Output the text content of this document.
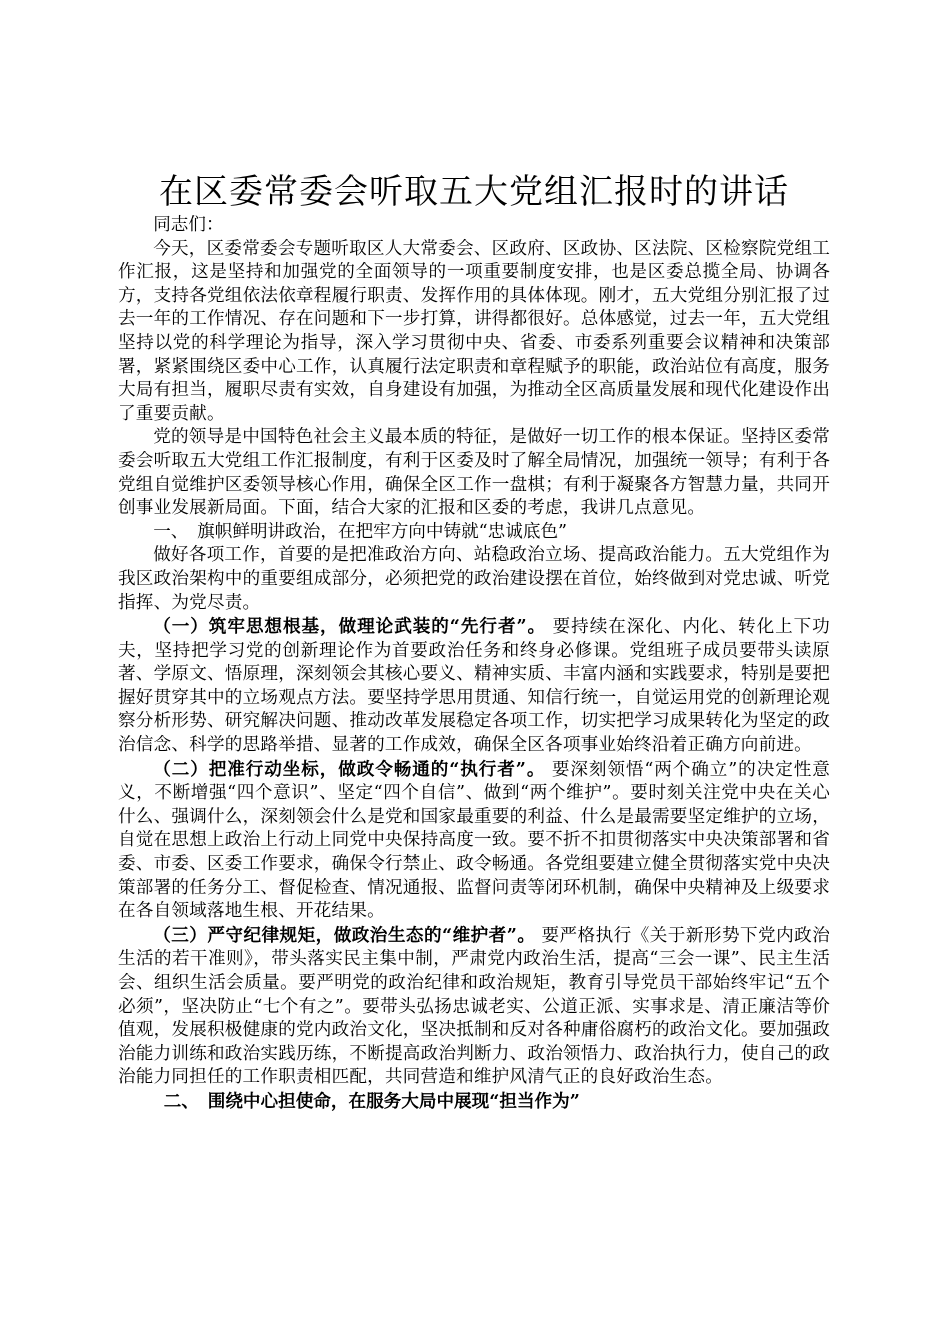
在区委常委会听取五大党组汇报时的讲话

同志们：

今天，区委常委会专题听取区人大常委会、区政府、区政协、区法院、区检察院党组工作汇报，这是坚持和加强党的全面领导的一项重要制度安排，也是区委总揽全局、协调各方，支持各党组依法依章程履行职责、发挥作用的具体体现。刚才，五大党组分别汇报了过去一年的工作情况、存在问题和下一步打算，讲得都很好。总体感觉，过去一年，五大党组坚持以党的科学理论为指导，深入学习贯彻中央、省委、市委系列重要会议精神和决策部署，紧紧围绕区委中心工作，认真履行法定职责和章程赋予的职能，政治站位有高度，服务大局有担当，履职尽责有实效，自身建设有加强，为推动全区高质量发展和现代化建设作出了重要贡献。

党的领导是中国特色社会主义最本质的特征，是做好一切工作的根本保证。坚持区委常委会听取五大党组工作汇报制度，有利于区委及时了解全局情况，加强统一领导；有利于各党组自觉维护区委领导核心作用，确保全区工作一盘棋；有利于凝聚各方智慧力量，共同开创事业发展新局面。下面，结合大家的汇报和区委的考虑，我讲几点意见。

一、　旗帜鲜明讲政治，在把牢方向中铸就“忠诚底色”

做好各项工作，首要的是把准政治方向、站稳政治立场、提高政治能力。五大党组作为我区政治架构中的重要组成部分，必须把党的政治建设摆在首位，始终做到对党忠诚、听党指挥、为党尽责。

（一）筑牢思想根基，做理论武装的“先行者”。 要持续在深化、内化、转化上下功夫，坚持把学习党的创新理论作为首要政治任务和终身必修课。党组班子成员要带头读原著、学原文、悟原理，深刻领会其核心要义、精神实质、丰富内涵和实践要求，特别是要把握好贯穿其中的立场观点方法。要坚持学思用贯通、知信行统一，自觉运用党的创新理论观察分析形势、研究解决问题、推动改革发展稳定各项工作，切实把学习成果转化为坚定的政治信念、科学的思路举措、显著的工作成效，确保全区各项事业始终沿着正确方向前进。

（二）把准行动坐标，做政令畅通的“执行者”。 要深刻领悟“两个确立”的决定性意义，不断增强“四个意识”、坚定“四个自信”、做到“两个维护”。要时刻关注党中央在关心什么、强调什么，深刻领会什么是党和国家最重要的利益、什么是最需要坚定维护的立场，自觉在思想上政治上行动上同党中央保持高度一致。要不折不扣贯彻落实中央决策部署和省委、市委、区委工作要求，确保令行禁止、政令畅通。各党组要建立健全贯彻落实党中央决策部署的任务分工、督促检查、情况通报、监督问责等闭环机制，确保中央精神及上级要求在各自领域落地生根、开花结果。

（三）严守纪律规矩，做政治生态的“维护者”。 要严格执行《关于新形势下党内政治生活的若干准则》，带头落实民主集中制，严肃党内政治生活，提高“三会一课”、民主生活会、组织生活会质量。要严明党的政治纪律和政治规矩，教育引导党员干部始终牢记“五个必须”，坚决防止“七个有之”。要带头弘扬忠诚老实、公道正派、实事求是、清正廉洁等价值观，发展积极健康的党内政治文化，坚决抵制和反对各种庸俗腐朽的政治文化。要加强政治能力训练和政治实践历练，不断提高政治判断力、政治领悟力、政治执行力，使自己的政治能力同担任的工作职责相匹配，共同营造和维护风清气正的良好政治生态。

二、　围绕中心担使命，在服务大局中展现“担当作为”
